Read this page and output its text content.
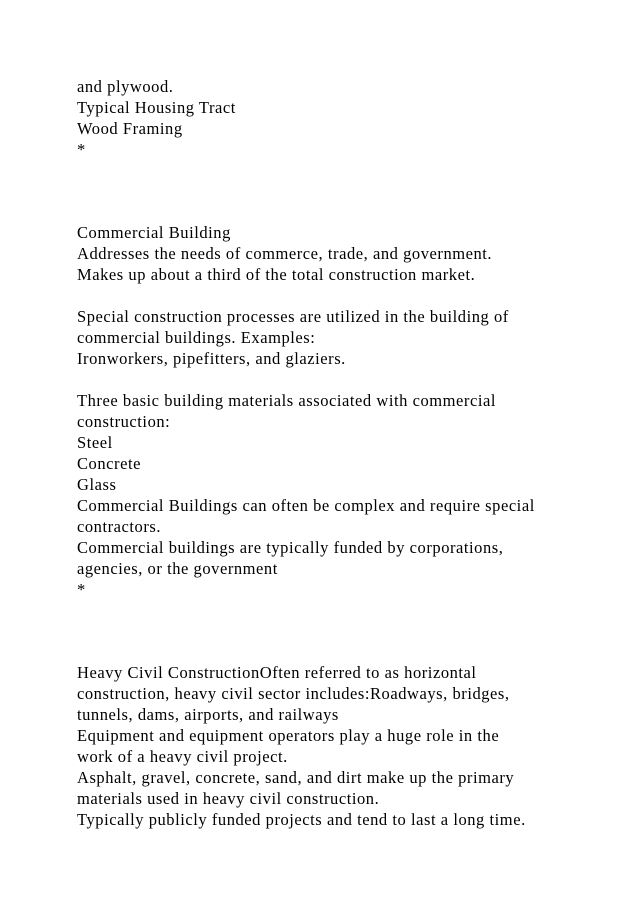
and plywood.
Typical Housing Tract
Wood Framing
*
Commercial Building
Addresses the needs of commerce, trade, and government.
Makes up about a third of the total construction market.
Special construction processes are utilized in the building of
commercial buildings. Examples:
Ironworkers, pipefitters, and glaziers.
Three basic building materials associated with commercial
construction:
Steel
Concrete
Glass
Commercial Buildings can often be complex and require special
contractors.
Commercial buildings are typically funded by corporations,
agencies, or the government
*
Heavy Civil ConstructionOften referred to as horizontal
construction, heavy civil sector includes:Roadways, bridges,
tunnels, dams, airports, and railways
Equipment and equipment operators play a huge role in the
work of a heavy civil project.
Asphalt, gravel, concrete, sand, and dirt make up the primary
materials used in heavy civil construction.
Typically publicly funded projects and tend to last a long time.
